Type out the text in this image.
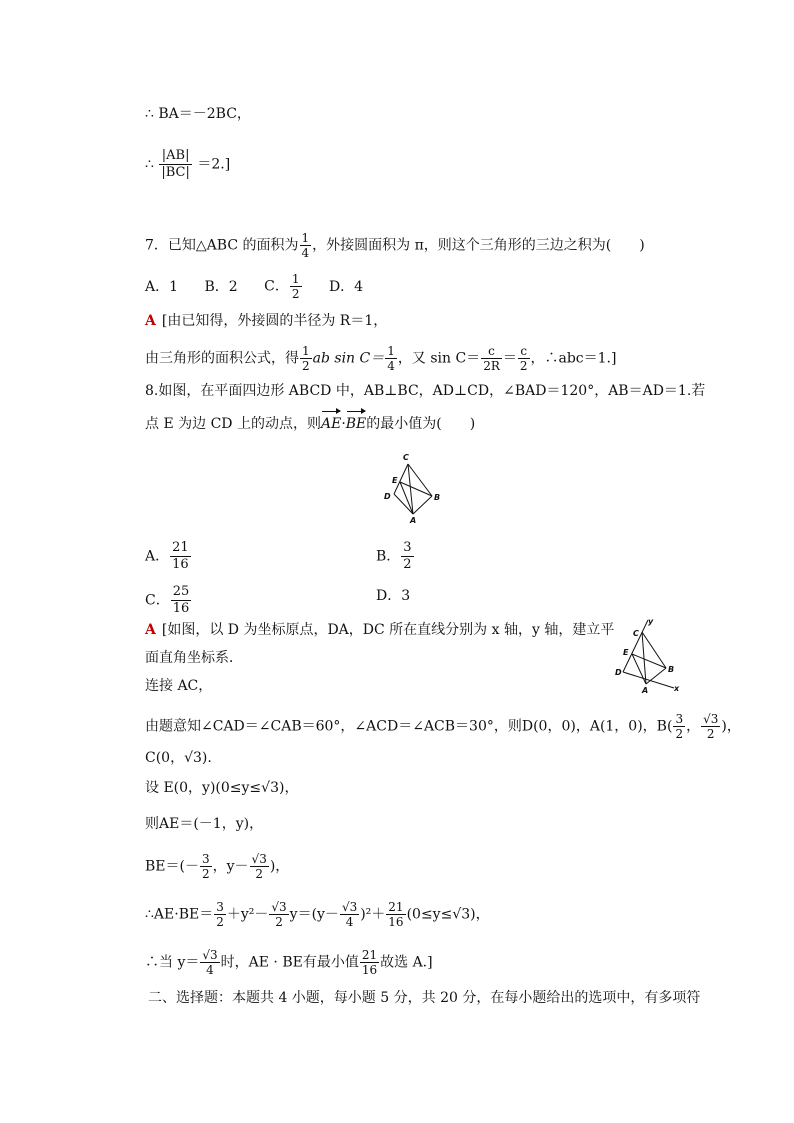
∴ BA＝－2BC，
∴ $\frac{|AB|}{|BC|} =2$.]
7．已知△ABC 的面积为 $\frac{1}{4}$ ，外接圆面积为 π，则这个三角形的三边之积为(　　)
A．1 B．2 C． $\frac{1}{2}$ D．4
A [由已知得，外接圆的半径为 R＝1，
由三角形的面积公式，得 $\frac{1}{2}$ ab $\sin C= \frac{1}{4}$ ，又 $\sin C= \frac{c}{2R} = \frac{c}{2}$ ，∴abc＝1.]
8.如图，在平面四边形 ABCD 中，AB⊥BC，AD⊥CD，∠BAD＝120°，AB＝AD＝1.若
点 E 为边 CD 上的动点，则AE·BE的最小值为(　　)
C
E
D	B
A
A． $\frac{21}{16}$	B． $\frac{3}{2}$
C． $\frac{25}{16}$	D．3
A [如图，以 D 为坐标原点，DA，DC 所在直线分别为 x 轴，y 轴，建立平
面直角坐标系．
y
C
E
D	B
A	x
连接 AC，
由题意知∠CAD＝∠CAB＝60°，∠ACD＝∠ACB＝30°，则D(0，0)，A(1，0)，$B( \frac{3}{2}$ ， $\frac{√3}{2}$ )，
C(0，√3).
设 E(0，y)(0≤y≤√3)，
则AE＝(－1，y)，
$BE=(- \frac{3}{2}$ ，$y- \frac{√3}{2}$ )，
∴AE·BE＝ $\frac{3}{2} +y^2- \frac{√3}{2} y=(y- \frac{√3}{4} )^2+ \frac{21}{16} (0\le y\le√3)$，
∴当 $y= \frac{√3}{4}$ 时，AE · BE有最小值 $\frac{21}{16}$ 故选 A.]
二、选择题：本题共 4 小题，每小题 5 分，共 20 分，在每小题给出的选项中，有多项符
